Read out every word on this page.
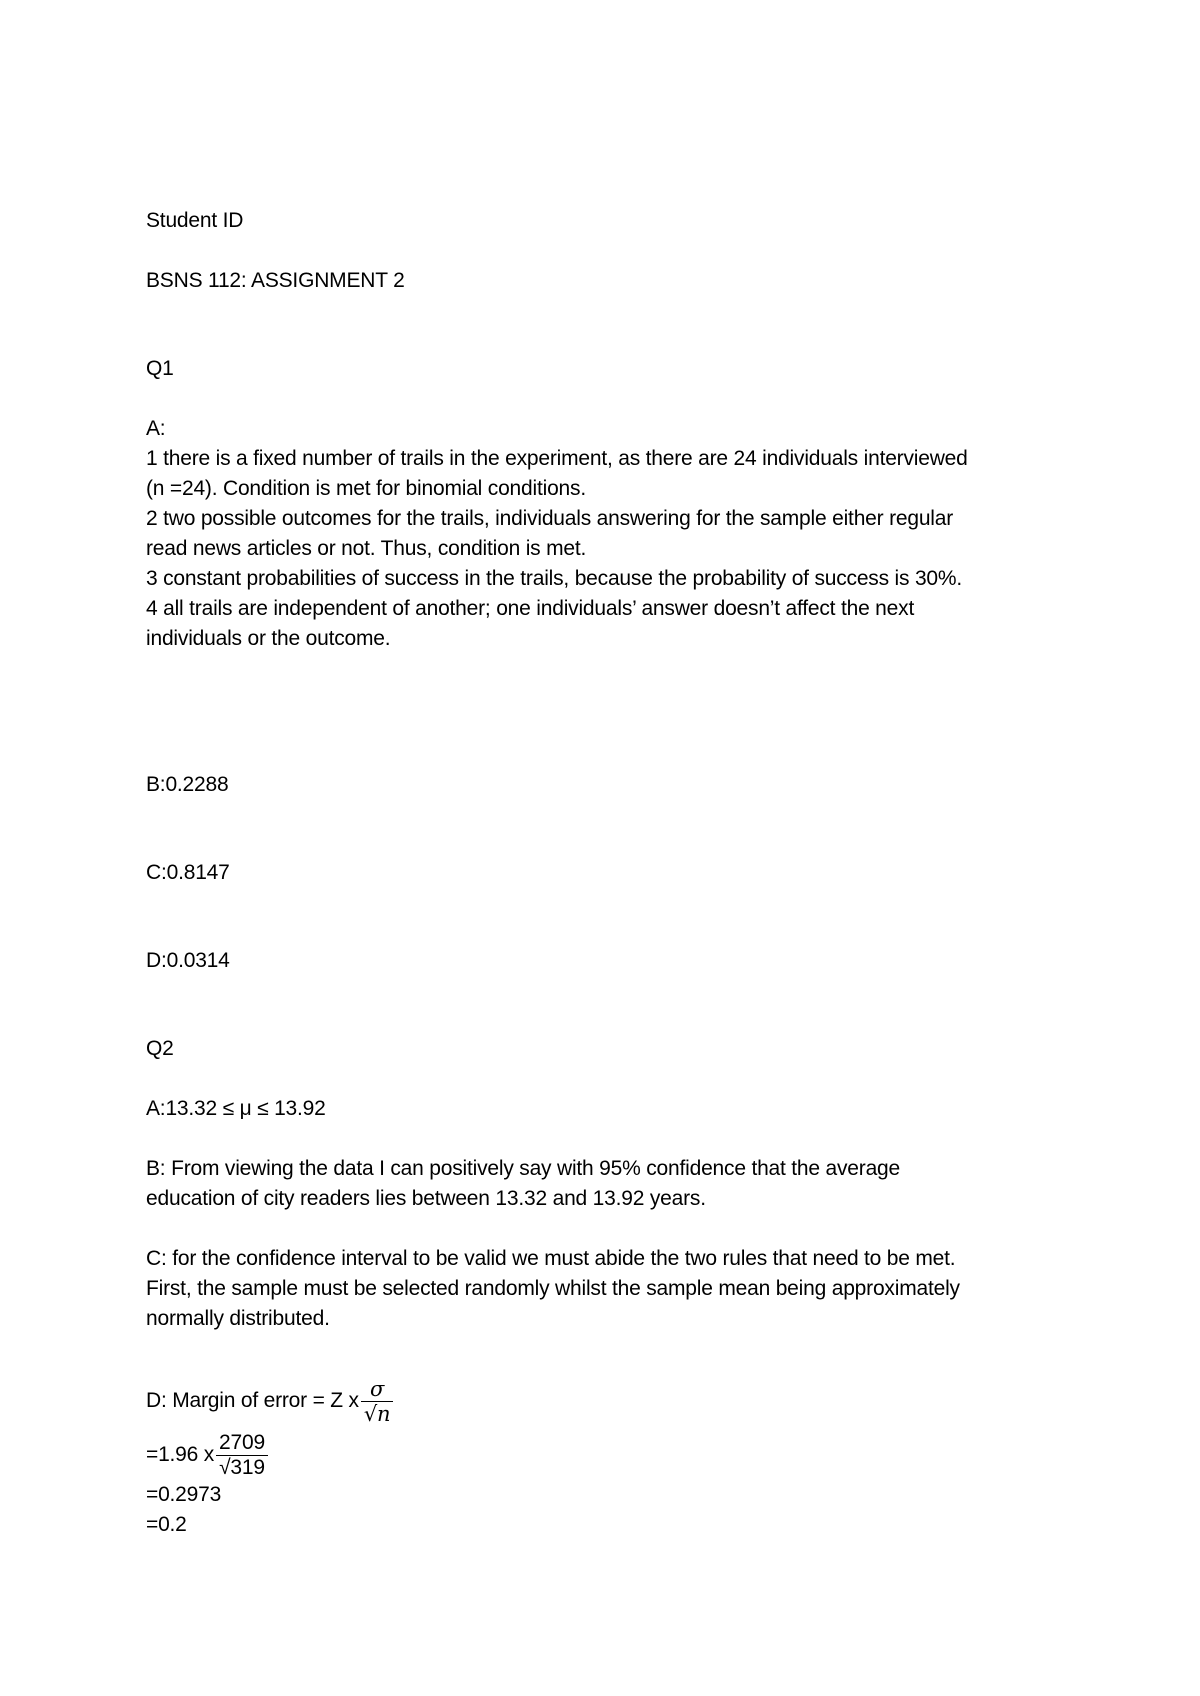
Student ID

BSNS 112: ASSIGNMENT 2

Q1

A:
1 there is a fixed number of trails in the experiment, as there are 24 individuals interviewed
(n =24). Condition is met for binomial conditions.
2 two possible outcomes for the trails, individuals answering for the sample either regular
read news articles or not. Thus, condition is met.
3 constant probabilities of success in the trails, because the probability of success is 30%.
4 all trails are independent of another; one individuals’ answer doesn’t affect the next
individuals or the outcome.

B:0.2288

C:0.8147

D:0.0314

Q2

A:13.32 ≤ μ ≤ 13.92

B: From viewing the data I can positively say with 95% confidence that the average
education of city readers lies between 13.32 and 13.92 years.
C: for the confidence interval to be valid we must abide the two rules that need to be met.
First, the sample must be selected randomly whilst the sample mean being approximately
normally distributed.
D: Margin of error = Z x $\frac{\sigma}{√n}$
=1.96 x $\frac{2709}{√319}$
=0.2973
=0.2
